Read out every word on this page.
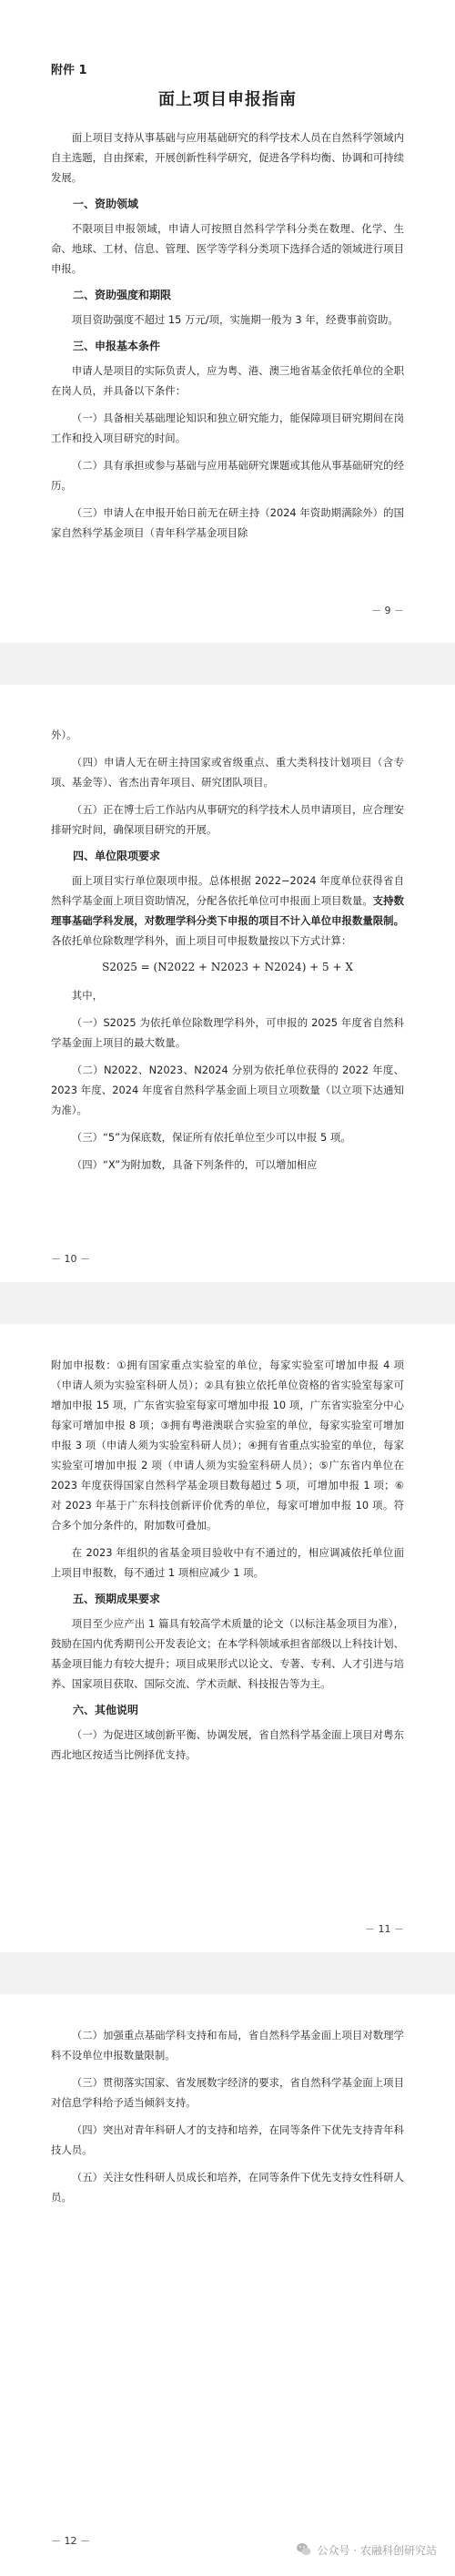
附件 1
面上项目申报指南

面上项目支持从事基础与应用基础研究的科学技术人员在自然科学领域内自主选题，自由探索，开展创新性科学研究，促进各学科均衡、协调和可持续发展。

一、资助领域

不限项目申报领域，申请人可按照自然科学学科分类在数理、化学、生命、地球、工材、信息、管理、医学等学科分类项下选择合适的领域进行项目申报。

二、资助强度和期限

项目资助强度不超过 15 万元/项，实施期一般为 3 年，经费事前资助。

三、申报基本条件

申请人是项目的实际负责人，应为粤、港、澳三地省基金依托单位的全职在岗人员，并具备以下条件：

（一）具备相关基础理论知识和独立研究能力，能保障项目研究期间在岗工作和投入项目研究的时间。

（二）具有承担或参与基础与应用基础研究课题或其他从事基础研究的经历。

（三）申请人在申报开始日前无在研主持（2024 年资助期满除外）的国家自然科学基金项目（青年科学基金项目除

－ 9 －

外）。

（四）申请人无在研主持国家或省级重点、重大类科技计划项目（含专项、基金等）、省杰出青年项目、研究团队项目。

（五）正在博士后工作站内从事研究的科学技术人员申请项目，应合理安排研究时间，确保项目研究的开展。

四、单位限项要求

面上项目实行单位限项申报。总体根据 2022−2024 年度单位获得省自然科学基金面上项目资助情况，分配各依托单位可申报面上项目数量。支持数理事基础学科发展，对数理学科分类下申报的项目不计入单位申报数量限制。各依托单位除数理学科外，面上项目可申报数量按以下方式计算：

S2025 = (N2022 + N2023 + N2024) + 5 + X

其中，

（一）S2025 为依托单位除数理学科外，可申报的 2025 年度省自然科学基金面上项目的最大数量。

（二）N2022、N2023、N2024 分别为依托单位获得的 2022 年度、2023 年度、2024 年度省自然科学基金面上项目立项数量（以立项下达通知为准）。

（三）“5”为保底数，保证所有依托单位至少可以申报 5 项。

（四）“X”为附加数，具备下列条件的，可以增加相应

－ 10 －

附加申报数：①拥有国家重点实验室的单位，每家实验室可增加申报 4 项（申请人须为实验室科研人员）；②具有独立依托单位资格的省实验室每家可增加申报 15 项，广东省实验室每家可增加申报 10 项，广东省实验室分中心每家可增加申报 8 项；③拥有粤港澳联合实验室的单位，每家实验室可增加申报 3 项（申请人须为实验室科研人员）；④拥有省重点实验室的单位，每家实验室可增加申报 2 项（申请人须为实验室科研人员）；⑤广东省内单位在 2023 年度获得国家自然科学基金项目数每超过 5 项，可增加申报 1 项；⑥对 2023 年基于广东科技创新评价优秀的单位，每家可增加申报 10 项。符合多个加分条件的，附加数可叠加。

在 2023 年组织的省基金项目验收中有不通过的，相应调减依托单位面上项目申报数，每不通过 1 项相应减少 1 项。

五、预期成果要求

项目至少应产出 1 篇具有较高学术质量的论文（以标注基金项目为准），鼓励在国内优秀期刊公开发表论文；在本学科领域承担省部级以上科技计划、基金项目能力有较大提升；项目成果形式以论文、专著、专利、人才引进与培养、国家项目获取、国际交流、学术贡献、科技报告等为主。

六、其他说明

（一）为促进区域创新平衡、协调发展，省自然科学基金面上项目对粤东西北地区按适当比例择优支持。

－ 11 －

（二）加强重点基础学科支持和布局，省自然科学基金面上项目对数理学科不设单位申报数量限制。

（三）贯彻落实国家、省发展数字经济的要求，省自然科学基金面上项目对信息学科给予适当倾斜支持。

（四）突出对青年科研人才的支持和培养，在同等条件下优先支持青年科技人员。

（五）关注女性科研人员成长和培养，在同等条件下优先支持女性科研人员。

－ 12 －
公众号 · 农融科创研究站
